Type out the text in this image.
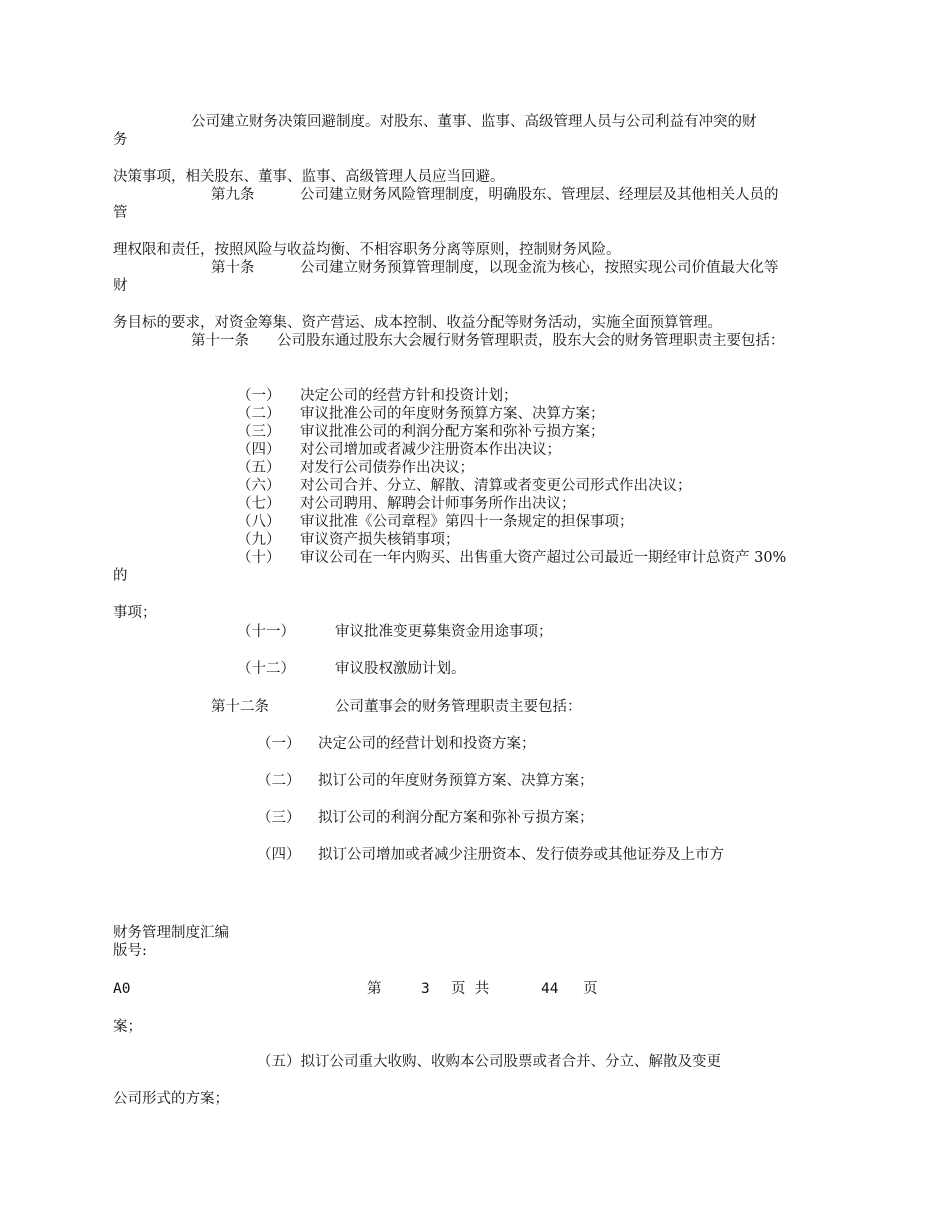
公司建立财务决策回避制度。对股东、董事、监事、高级管理人员与公司利益有冲突的财
务
决策事项，相关股东、董事、监事、高级管理人员应当回避。
第九条	公司建立财务风险管理制度，明确股东、管理层、经理层及其他相关人员的
管
理权限和责任，按照风险与收益均衡、不相容职务分离等原则，控制财务风险。
第十条	公司建立财务预算管理制度，以现金流为核心，按照实现公司价值最大化等
财
务目标的要求，对资金筹集、资产营运、成本控制、收益分配等财务活动，实施全面预算管理。
第十一条 公司股东通过股东大会履行财务管理职责，股东大会的财务管理职责主要包括：
（一） 决定公司的经营方针和投资计划；
（二） 审议批准公司的年度财务预算方案、决算方案；
（三） 审议批准公司的利润分配方案和弥补亏损方案；
（四） 对公司增加或者减少注册资本作出决议；
（五） 对发行公司债券作出决议；
（六） 对公司合并、分立、解散、清算或者变更公司形式作出决议；
（七） 对公司聘用、解聘会计师事务所作出决议；
（八） 审议批准《公司章程》第四十一条规定的担保事项；
（九） 审议资产损失核销事项；
（十） 审议公司在一年内购买、出售重大资产超过公司最近一期经审计总资产 30%
的
事项；
（十一）	审议批准变更募集资金用途事项；
（十二）	审议股权激励计划。
第十二条	公司董事会的财务管理职责主要包括：
（一） 决定公司的经营计划和投资方案；
（二） 拟订公司的年度财务预算方案、决算方案；
（三） 拟订公司的利润分配方案和弥补亏损方案；
（四） 拟订公司增加或者减少注册资本、发行债券或其他证券及上市方
财务管理制度汇编
版号:
A0	第	3 页  共	44 页
案；
（五）拟订公司重大收购、收购本公司股票或者合并、分立、解散及变更
公司形式的方案；
